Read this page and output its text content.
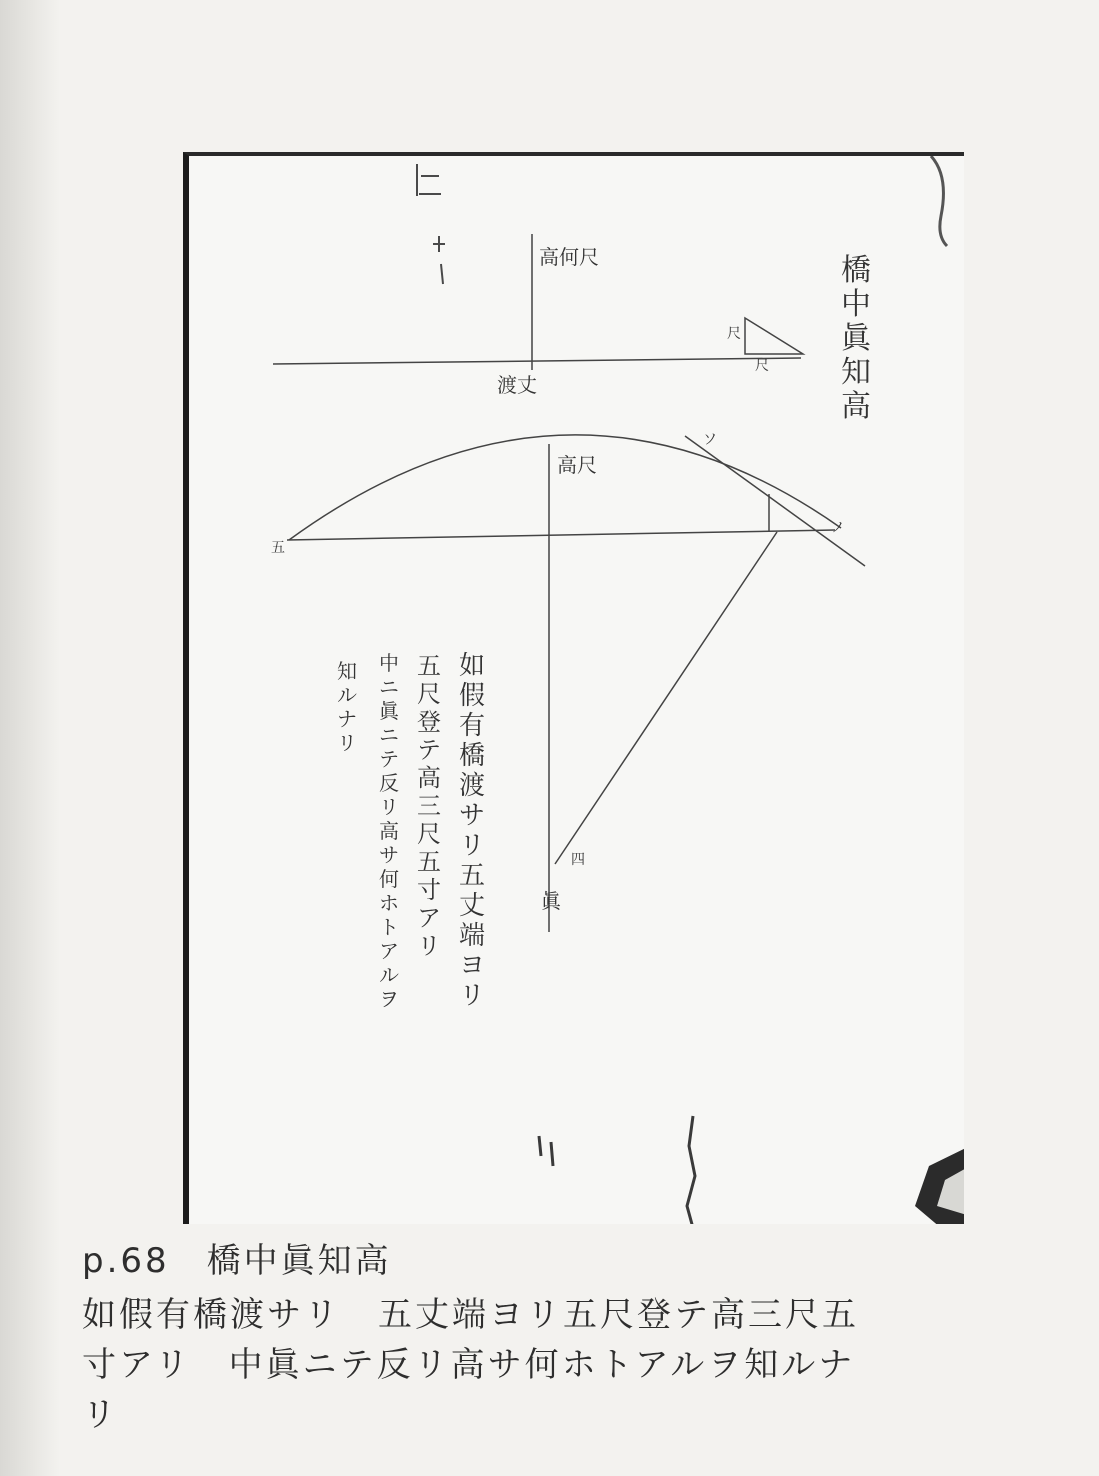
高何尺
渡丈
尺
尺
橋中眞知高
高尺
五
ソ
ノ
四
眞
如假有橋渡サリ五丈端ヨリ
五尺登テ高三尺五寸アリ
中ニ眞ニテ反リ高サ何ホトアルヲ
知ルナリ
p.68　 橋中眞知高
如假有橋渡サリ　五丈端ヨリ五尺登テ高三尺五
寸アリ　中眞ニテ反リ高サ何ホトアルヲ知ルナ
リ
